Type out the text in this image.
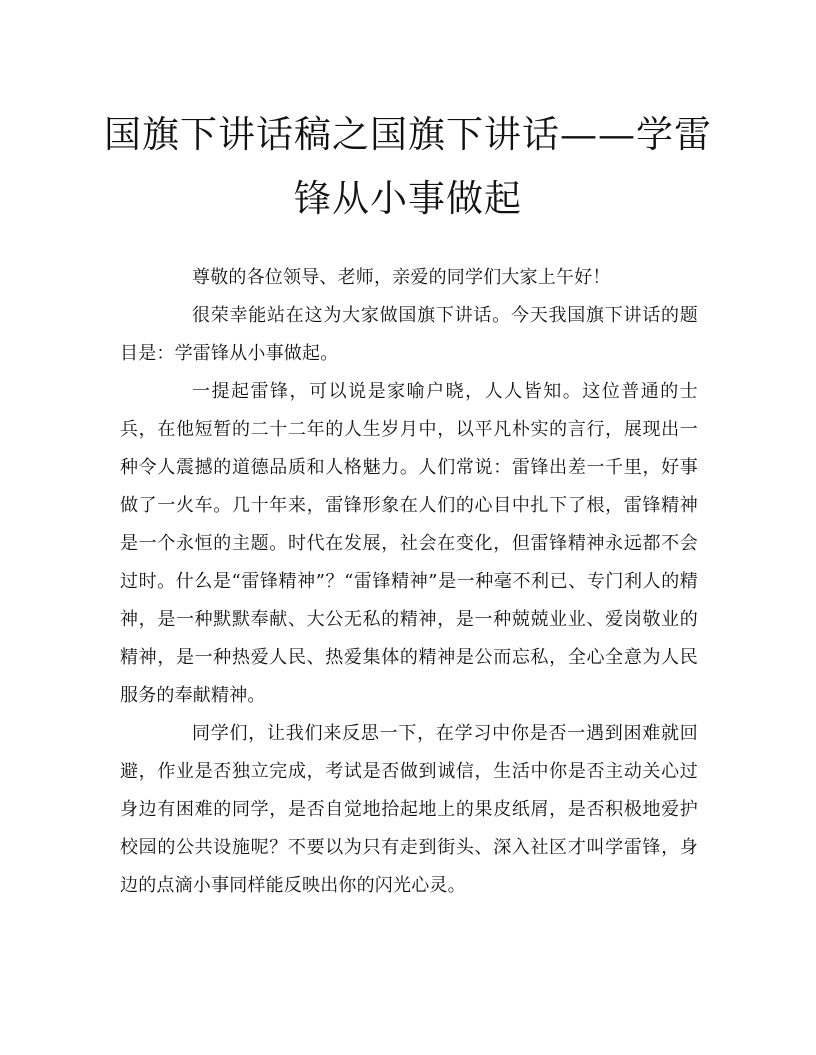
国旗下讲话稿之国旗下讲话——学雷
锋从小事做起

尊敬的各位领导、老师，亲爱的同学们大家上午好！

很荣幸能站在这为大家做国旗下讲话。今天我国旗下讲话的题目是：学雷锋从小事做起。

一提起雷锋，可以说是家喻户晓，人人皆知。这位普通的士兵，在他短暂的二十二年的人生岁月中，以平凡朴实的言行，展现出一种令人震撼的道德品质和人格魅力。人们常说：雷锋出差一千里，好事做了一火车。几十年来，雷锋形象在人们的心目中扎下了根，雷锋精神是一个永恒的主题。时代在发展，社会在变化，但雷锋精神永远都不会过时。什么是“雷锋精神”？“雷锋精神”是一种毫不利已、专门利人的精神，是一种默默奉献、大公无私的精神，是一种兢兢业业、爱岗敬业的精神，是一种热爱人民、热爱集体的精神是公而忘私，全心全意为人民服务的奉献精神。

同学们，让我们来反思一下，在学习中你是否一遇到困难就回避，作业是否独立完成，考试是否做到诚信，生活中你是否主动关心过身边有困难的同学，是否自觉地拾起地上的果皮纸屑，是否积极地爱护校园的公共设施呢？不要以为只有走到街头、深入社区才叫学雷锋，身边的点滴小事同样能反映出你的闪光心灵。
